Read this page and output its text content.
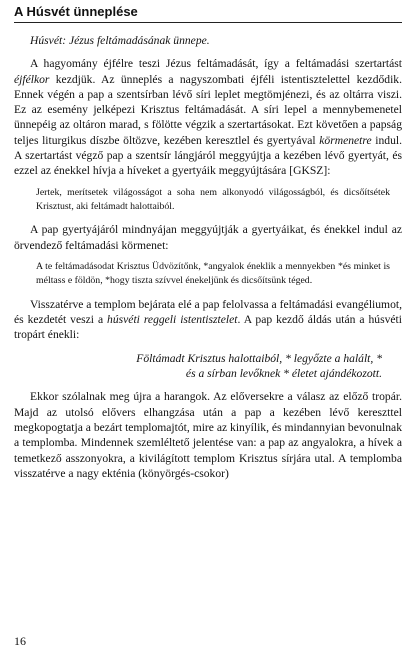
A Húsvét ünneplése

Húsvét: Jézus feltámadásának ünnepe.

A hagyomány éjfélre teszi Jézus feltámadását, így a feltámadási szertartást éjfélkor kezdjük. Az ünneplés a nagyszombati éjféli istentisztelettel kezdődik. Ennek végén a pap a szentsírban lévő síri leplet megtömjénezi, és az oltárra viszi. Ez az esemény jelképezi Krisztus feltámadását. A síri lepel a mennybemenetel ünnepéig az oltáron marad, s fölötte végzik a szertartásokat. Ezt követően a papság teljes liturgikus díszbe öltözve, kezében keresztlel és gyertyával körmenetre indul. A szertartást végző pap a szentsír lángjáról meggyújtja a kezében lévő gyertyát, és ezzel az énekkel hívja a híveket a gyertyáik meggyújtására [GKSZ]:

Jertek, merítsetek világosságot a soha nem alkonyodó világosságból, és dicsőítsétek Krisztust, aki feltámadt halottaiból.

A pap gyertyájáról mindnyájan meggyújtják a gyertyáikat, és énekkel indul az örvendező feltámadási körmenet:

A te feltámadásodat Krisztus Üdvözítőnk, *angyalok éneklik a mennyekben *és minket is méltass e földön, *hogy tiszta szívvel énekeljünk és dicsőítsünk téged.

Visszatérve a templom bejárata elé a pap felolvassa a feltámadási evangéliumot, és kezdetét veszi a húsvéti reggeli istentisztelet. A pap kezdő áldás után a húsvéti tropárt énekli:

Föltámadt Krisztus halottaiból, * legyőzte a halált, *
és a sírban levőknek * életet ajándékozott.

Ekkor szólalnak meg újra a harangok. Az előversekre a válasz az előző tropár. Majd az utolsó elővers elhangzása után a pap a kezében lévő kereszttel megkopogtatja a bezárt templomajtót, mire az kinyílik, és mindannyian bevonulnak a templomba. Mindennek szemléltető jelentése van: a pap az angyalokra, a hívek a temetkező asszonyokra, a kivilágított templom Krisztus sírjára utal. A templomba visszatérve a nagy ekténia (könyörgés-csokor)

16
